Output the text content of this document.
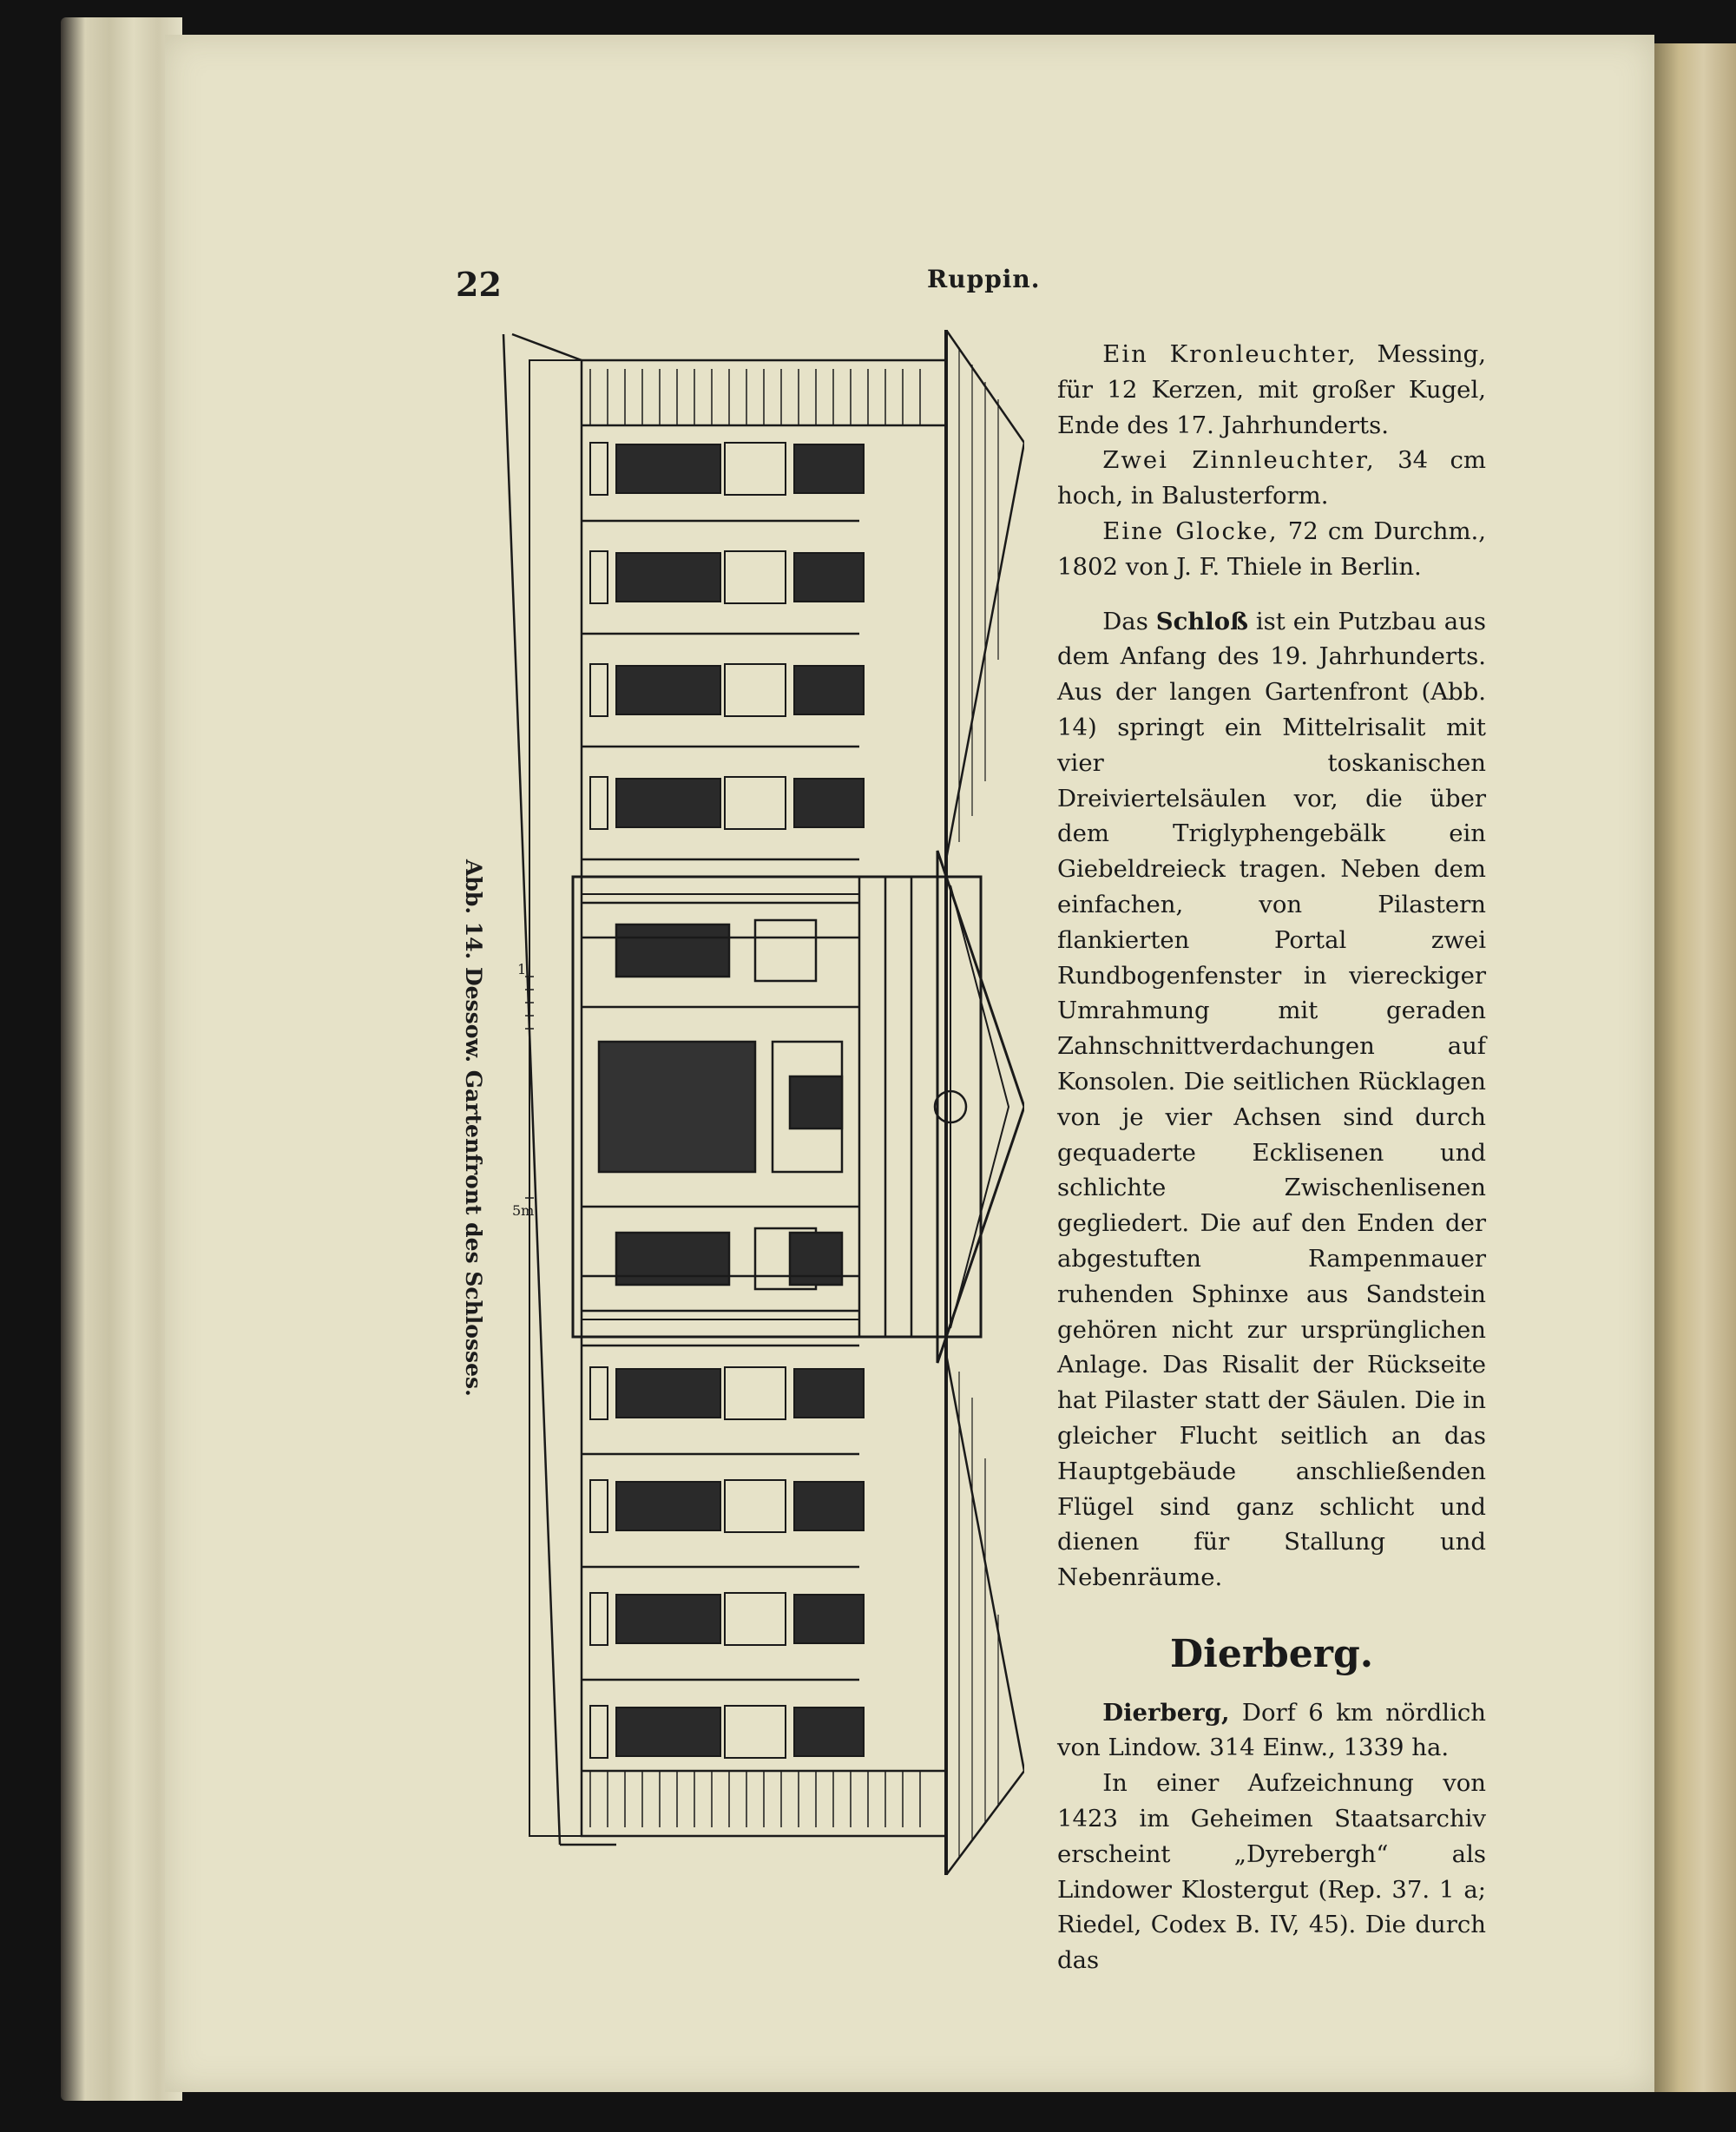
22	Ruppin.
1
5m
Abb. 14. Dessow. Gartenfront des Schlosses.

Ein Kronleuchter, Messing, für 12 Kerzen, mit großer Kugel, Ende des 17. Jahrhunderts.

Zwei Zinnleuchter, 34 cm hoch, in Balusterform.

Eine Glocke, 72 cm Durchm., 1802 von J. F. Thiele in Berlin.

Das Schloß ist ein Putzbau aus dem Anfang des 19. Jahrhunderts. Aus der langen Gartenfront (Abb. 14) springt ein Mittelrisalit mit vier toskanischen Dreiviertelsäulen vor, die über dem Triglyphengebälk ein Giebeldreieck tragen. Neben dem einfachen, von Pilastern flankierten Portal zwei Rundbogenfenster in viereckiger Umrahmung mit geraden Zahnschnittverdachungen auf Konsolen. Die seitlichen Rücklagen von je vier Achsen sind durch gequaderte Ecklisenen und schlichte Zwischenlisenen gegliedert. Die auf den Enden der abgestuften Rampenmauer ruhenden Sphinxe aus Sandstein gehören nicht zur ursprünglichen Anlage. Das Risalit der Rückseite hat Pilaster statt der Säulen. Die in gleicher Flucht seitlich an das Hauptgebäude anschließenden Flügel sind ganz schlicht und dienen für Stallung und Nebenräume.

Dierberg.

Dierberg, Dorf 6 km nördlich von Lindow. 314 Einw., 1339 ha.

In einer Aufzeichnung von 1423 im Geheimen Staatsarchiv erscheint „Dyrebergh“ als Lindower Klostergut (Rep. 37. 1 a; Riedel, Codex B. IV, 45). Die durch das
